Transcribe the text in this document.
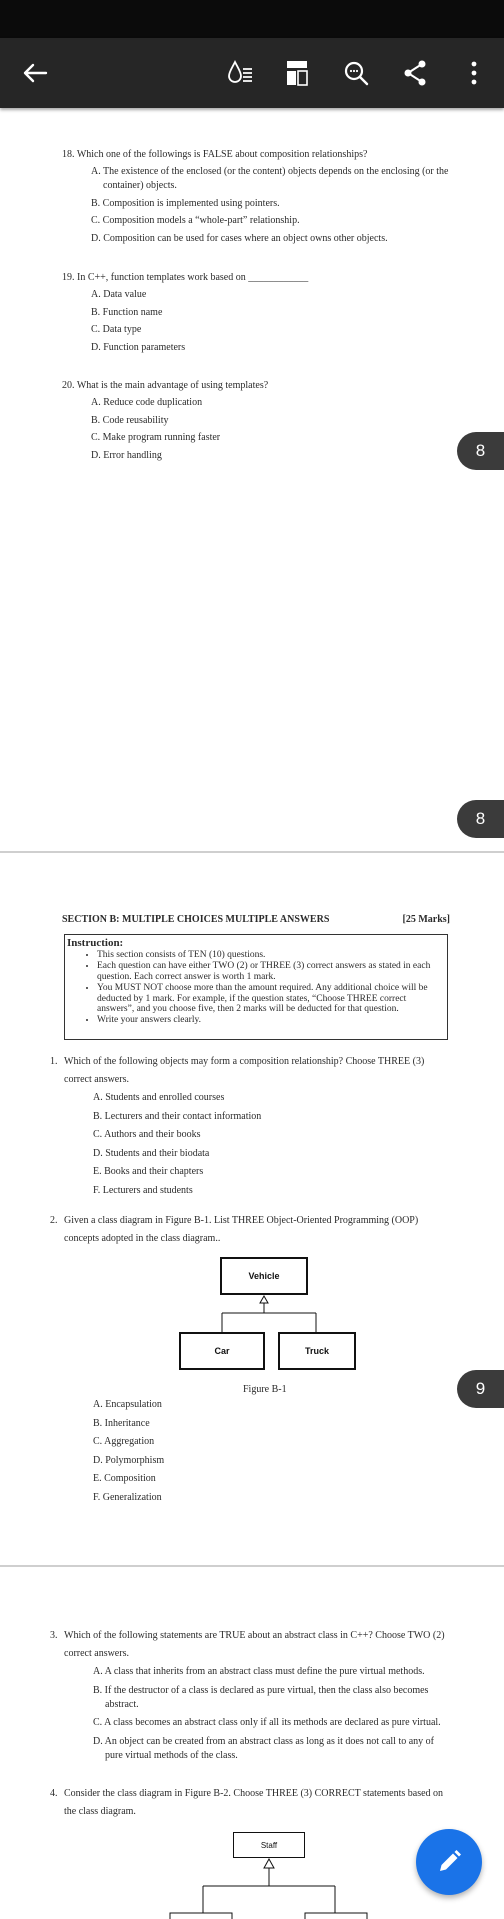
18. Which one of the followings is FALSE about composition relationships?

A. The existence of the enclosed (or the content) objects depends on the enclosing (or the container) objects.
B. Composition is implemented using pointers.
C. Composition models a “whole-part” relationship.
D. Composition can be used for cases where an object owns other objects.

19. In C++, function templates work based on ____________

A. Data value
B. Function name
C. Data type
D. Function parameters

20. What is the main advantage of using templates?

A. Reduce code duplication
B. Code reusability
C. Make program running faster
D. Error handling	8
8
SECTION B: MULTIPLE CHOICES MULTIPLE ANSWERS	[25 Marks]
Instruction:
• This section consists of TEN (10) questions.
• Each question can have either TWO (2) or THREE (3) correct answers as stated in each question. Each correct answer is worth 1 mark.
• You MUST NOT choose more than the amount required. Any additional choice will be deducted by 1 mark. For example, if the question states, “Choose THREE correct answers”, and you choose five, then 2 marks will be deducted for that question.
• Write your answers clearly.

1. Which of the following objects may form a composition relationship? Choose THREE (3) correct answers.

A. Students and enrolled courses
B. Lecturers and their contact information
C. Authors and their books
D. Students and their biodata
E. Books and their chapters
F. Lecturers and students

2. Given a class diagram in Figure B-1. List THREE Object-Oriented Programming (OOP) concepts adopted in the class diagram..

Vehicle
Car	Truck
Figure B-1
A. Encapsulation
B. Inheritance
C. Aggregation
D. Polymorphism
E. Composition
F. Generalization
9

3. Which of the following statements are TRUE about an abstract class in C++? Choose TWO (2) correct answers.

A. A class that inherits from an abstract class must define the pure virtual methods.
B. If the destructor of a class is declared as pure virtual, then the class also becomes abstract.
C. A class becomes an abstract class only if all its methods are declared as pure virtual.
D. An object can be created from an abstract class as long as it does not call to any of pure virtual methods of the class.

4. Consider the class diagram in Figure B-2. Choose THREE (3) CORRECT statements based on the class diagram.

Staff
